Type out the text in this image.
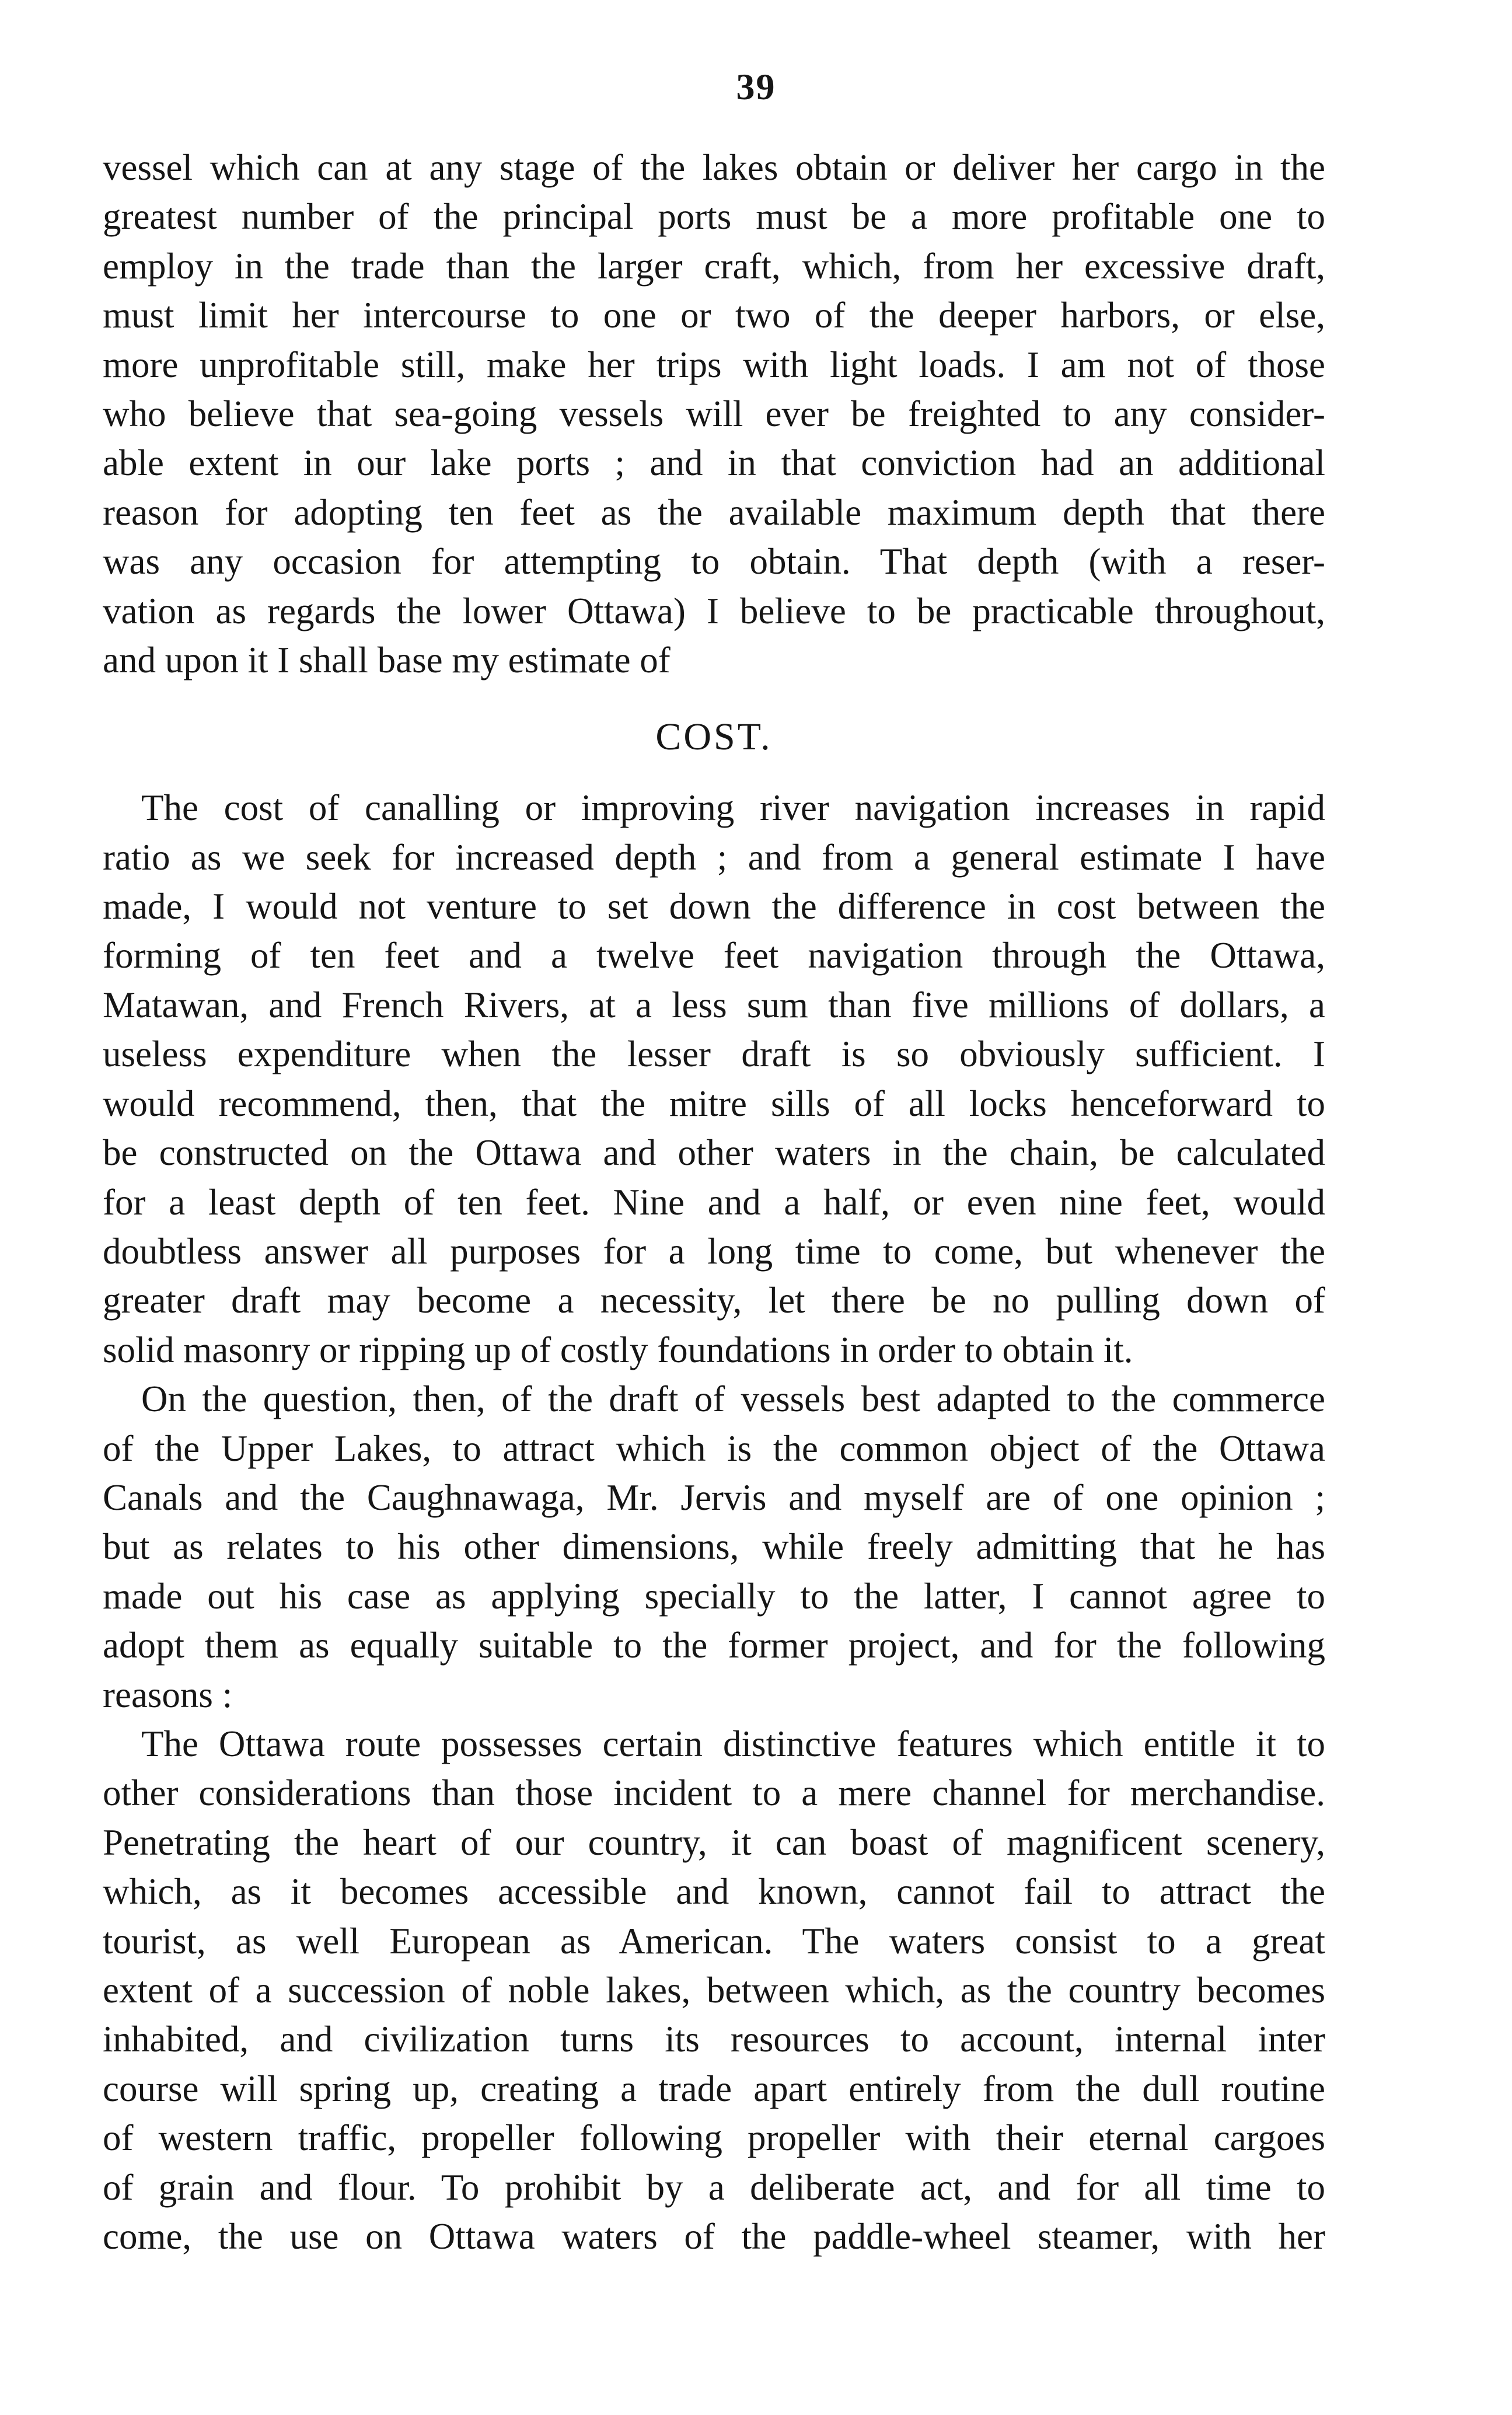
39
vessel which can at any stage of the lakes obtain or deliver her cargo in the
greatest number of the principal ports must be a more profitable one to
employ in the trade than the larger craft, which, from her excessive draft,
must limit her intercourse to one or two of the deeper harbors, or else,
more unprofitable still, make her trips with light loads. I am not of those
who believe that sea-going vessels will ever be freighted to any consider-
able extent in our lake ports ; and in that conviction had an additional
reason for adopting ten feet as the available maximum depth that there
was any occasion for attempting to obtain. That depth (with a reser-
vation as regards the lower Ottawa) I believe to be practicable throughout,
and upon it I shall base my estimate of
COST.
The cost of canalling or improving river navigation increases in rapid
ratio as we seek for increased depth ; and from a general estimate I have
made, I would not venture to set down the difference in cost between the
forming of ten feet and a twelve feet navigation through the Ottawa,
Matawan, and French Rivers, at a less sum than five millions of dollars, a
useless expenditure when the lesser draft is so obviously sufficient. I
would recommend, then, that the mitre sills of all locks henceforward to
be constructed on the Ottawa and other waters in the chain, be calculated
for a least depth of ten feet. Nine and a half, or even nine feet, would
doubtless answer all purposes for a long time to come, but whenever the
greater draft may become a necessity, let there be no pulling down of
solid masonry or ripping up of costly foundations in order to obtain it.
On the question, then, of the draft of vessels best adapted to the commerce
of the Upper Lakes, to attract which is the common object of the Ottawa
Canals and the Caughnawaga, Mr. Jervis and myself are of one opinion ;
but as relates to his other dimensions, while freely admitting that he has
made out his case as applying specially to the latter, I cannot agree to
adopt them as equally suitable to the former project, and for the following
reasons :
The Ottawa route possesses certain distinctive features which entitle it to
other considerations than those incident to a mere channel for merchandise.
Penetrating the heart of our country, it can boast of magnificent scenery,
which, as it becomes accessible and known, cannot fail to attract the
tourist, as well European as American. The waters consist to a great
extent of a succession of noble lakes, between which, as the country becomes
inhabited, and civilization turns its resources to account, internal inter
course will spring up, creating a trade apart entirely from the dull routine
of western traffic, propeller following propeller with their eternal cargoes
of grain and flour. To prohibit by a deliberate act, and for all time to
come, the use on Ottawa waters of the paddle-wheel steamer, with her
